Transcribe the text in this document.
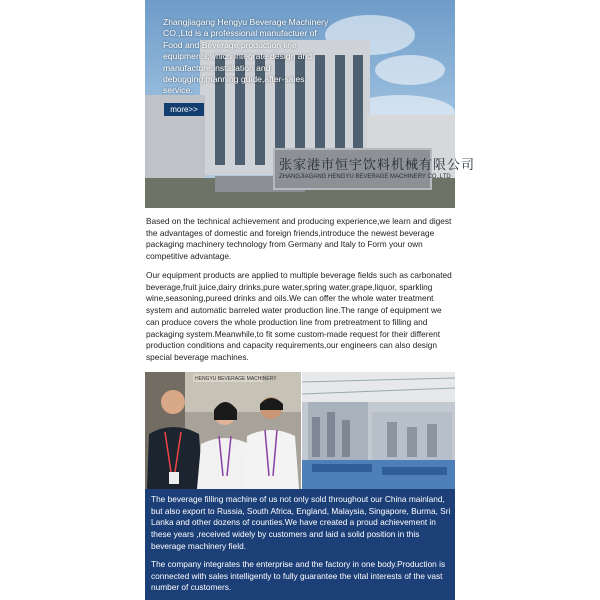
张家港市恒宇饮料机械有限公司
ZHANGJIAGANG HENGYU BEVERAGE MACHINERY CO.,LTD
Zhangjiagang Hengyu Beverage Machinery CO.,Ltd is a professional manufactuer of Food and Beverage production line equipments,which integrate design and manufacture,installation and debugging,manning guide,after-sales service.
more>>
Based on the technical achievement and producing experience,we learn and digest the advantages of domestic and foreign friends,introduce the newest beverage packaging machinery technology from Germany and Italy to Form your own competitive advantage.
Our equipment products are applied to multiple beverage fields such as carbonated beverage,fruit juice,dairy drinks,pure water,spring water,grape,liquor, sparkling wine,seasoning,pureed drinks and oils.We can offer the whole water treatment system and automatic barreled water production line.The range of equipment we can produce covers the whole production line from pretreatment to filling and packaging system.Meanwhile,to fit some custom-made request for their different production conditions and capacity requirements,our engineers can also design special beverage machines.
HENGYU BEVERAGE MACHINERY
The beverage filling machine of us not only sold throughout our China mainland, but also export to Russia, South Africa, England, Malaysia, Singapore, Burma, Sri Lanka and other dozens of counties.We have created a proud achievement in these years ,received widely by customers and laid a solid position in this beverage machinery field.
The company integrates the enterprise and the factory in one body.Production is connected with sales intelligently to fully guarantee the vital interests of the vast number of customers.
